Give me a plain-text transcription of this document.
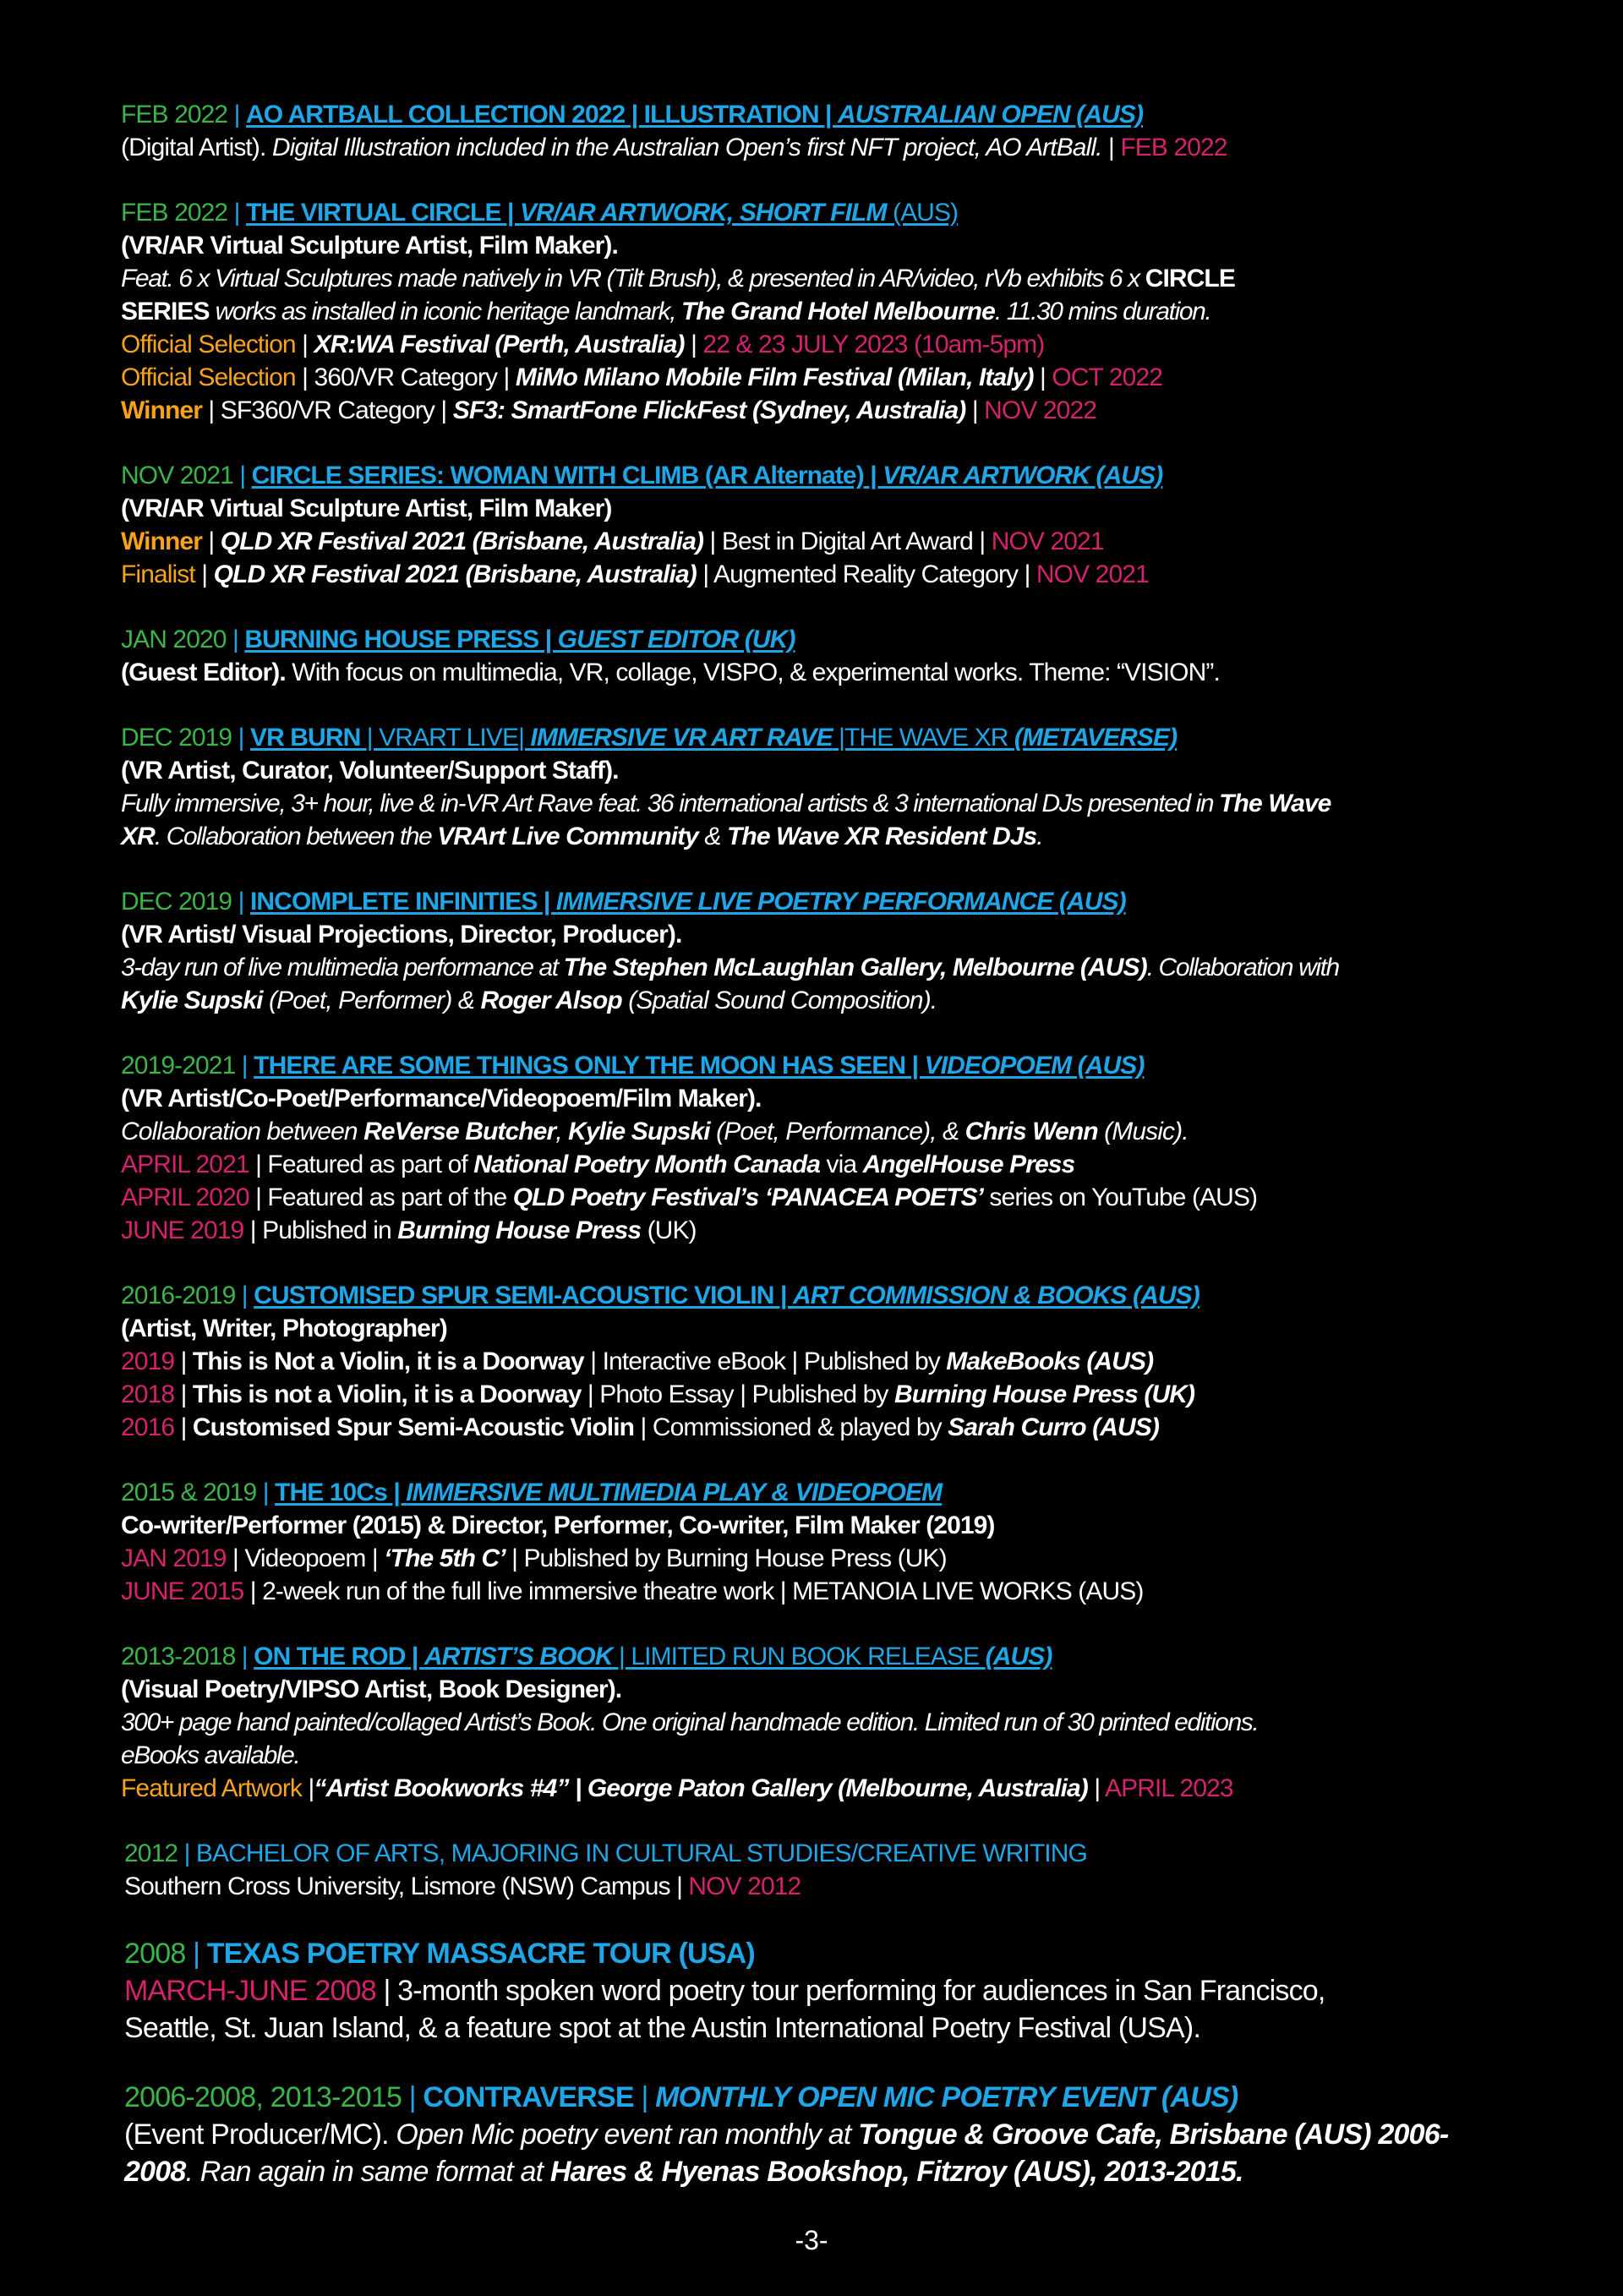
FEB 2022 | AO ARTBALL COLLECTION 2022 | ILLUSTRATION | AUSTRALIAN OPEN (AUS)
(Digital Artist). Digital Illustration included in the Australian Open’s first NFT project, AO ArtBall. | FEB 2022
FEB 2022 | THE VIRTUAL CIRCLE | VR/AR ARTWORK, SHORT FILM (AUS)
(VR/AR Virtual Sculpture Artist, Film Maker).
Feat. 6 x Virtual Sculptures made natively in VR (Tilt Brush), & presented in AR/video, rVb exhibits 6 x CIRCLE
SERIES works as installed in iconic heritage landmark, The Grand Hotel Melbourne. 11.30 mins duration.
Official Selection | XR:WA Festival (Perth, Australia) | 22 & 23 JULY 2023 (10am-5pm)
Official Selection | 360/VR Category | MiMo Milano Mobile Film Festival (Milan, Italy) | OCT 2022
Winner | SF360/VR Category | SF3: SmartFone FlickFest (Sydney, Australia) | NOV 2022
NOV 2021 | CIRCLE SERIES: WOMAN WITH CLIMB (AR Alternate) | VR/AR ARTWORK (AUS)
(VR/AR Virtual Sculpture Artist, Film Maker)
Winner | QLD XR Festival 2021 (Brisbane, Australia) | Best in Digital Art Award | NOV 2021
Finalist | QLD XR Festival 2021 (Brisbane, Australia) | Augmented Reality Category | NOV 2021
JAN 2020 | BURNING HOUSE PRESS | GUEST EDITOR (UK)
(Guest Editor). With focus on multimedia, VR, collage, VISPO, & experimental works. Theme: “VISION”.
DEC 2019 | VR BURN | VRART LIVE| IMMERSIVE VR ART RAVE |THE WAVE XR (METAVERSE)
(VR Artist, Curator, Volunteer/Support Staff).
Fully immersive, 3+ hour, live & in-VR Art Rave feat. 36 international artists & 3 international DJs presented in The Wave
XR. Collaboration between the VRArt Live Community & The Wave XR Resident DJs.
DEC 2019 | INCOMPLETE INFINITIES | IMMERSIVE LIVE POETRY PERFORMANCE (AUS)
(VR Artist/ Visual Projections, Director, Producer).
3-day run of live multimedia performance at The Stephen McLaughlan Gallery, Melbourne (AUS). Collaboration with
Kylie Supski (Poet, Performer) & Roger Alsop (Spatial Sound Composition).
2019-2021 | THERE ARE SOME THINGS ONLY THE MOON HAS SEEN | VIDEOPOEM (AUS)
(VR Artist/Co-Poet/Performance/Videopoem/Film Maker).
Collaboration between ReVerse Butcher, Kylie Supski (Poet, Performance), & Chris Wenn (Music).
APRIL 2021 | Featured as part of National Poetry Month Canada via AngelHouse Press
APRIL 2020 | Featured as part of the QLD Poetry Festival’s ‘PANACEA POETS’ series on YouTube (AUS)
JUNE 2019 | Published in Burning House Press (UK)
2016-2019 | CUSTOMISED SPUR SEMI-ACOUSTIC VIOLIN | ART COMMISSION & BOOKS (AUS)
(Artist, Writer, Photographer)
2019 | This is Not a Violin, it is a Doorway | Interactive eBook | Published by MakeBooks (AUS)
2018 | This is not a Violin, it is a Doorway | Photo Essay | Published by Burning House Press (UK)
2016 | Customised Spur Semi-Acoustic Violin | Commissioned & played by Sarah Curro (AUS)
2015 & 2019 | THE 10Cs | IMMERSIVE MULTIMEDIA PLAY & VIDEOPOEM
Co-writer/Performer (2015) & Director, Performer, Co-writer, Film Maker (2019)
JAN 2019 | Videopoem | ‘The 5th C’ | Published by Burning House Press (UK)
JUNE 2015 | 2-week run of the full live immersive theatre work | METANOIA LIVE WORKS (AUS)
2013-2018 | ON THE ROD | ARTIST’S BOOK | LIMITED RUN BOOK RELEASE (AUS)
(Visual Poetry/VIPSO Artist, Book Designer).
300+ page hand painted/collaged Artist’s Book. One original handmade edition. Limited run of 30 printed editions.
eBooks available.
Featured Artwork |“Artist Bookworks #4” | George Paton Gallery (Melbourne, Australia) | APRIL 2023
2012 | BACHELOR OF ARTS, MAJORING IN CULTURAL STUDIES/CREATIVE WRITING
Southern Cross University, Lismore (NSW) Campus | NOV 2012
2008 | TEXAS POETRY MASSACRE TOUR (USA)
MARCH-JUNE 2008 | 3-month spoken word poetry tour performing for audiences in San Francisco,
Seattle, St. Juan Island, & a feature spot at the Austin International Poetry Festival (USA).
2006-2008, 2013-2015 | CONTRAVERSE | MONTHLY OPEN MIC POETRY EVENT (AUS)
(Event Producer/MC). Open Mic poetry event ran monthly at Tongue & Groove Cafe, Brisbane (AUS) 2006-
2008. Ran again in same format at Hares & Hyenas Bookshop, Fitzroy (AUS), 2013-2015.
-3-
